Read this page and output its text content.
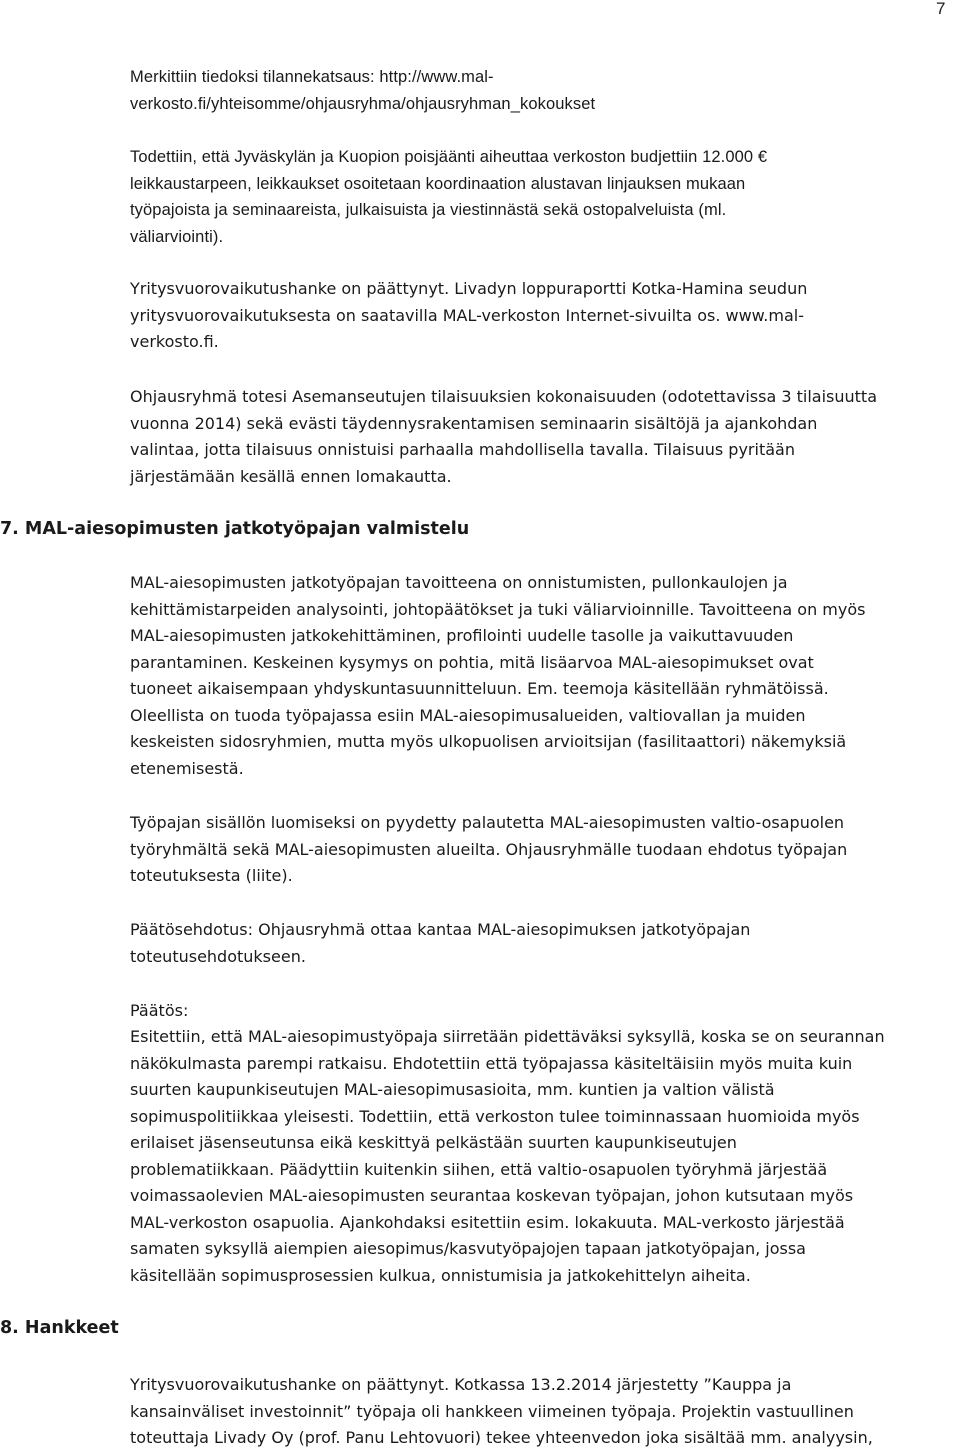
7
Merkittiin tiedoksi tilannekatsaus: http://www.mal-
verkosto.fi/yhteisomme/ohjausryhma/ohjausryhman_kokoukset
Todettiin, että Jyväskylän ja Kuopion poisjäänti aiheuttaa verkoston budjettiin 12.000 €
leikkaustarpeen, leikkaukset osoitetaan koordinaation alustavan linjauksen mukaan
työpajoista ja seminaareista, julkaisuista ja viestinnästä sekä ostopalveluista (ml.
väliarviointi).
Yritysvuorovaikutushanke on päättynyt. Livadyn loppuraportti Kotka-Hamina seudun
yritysvuorovaikutuksesta on saatavilla MAL-verkoston Internet-sivuilta os. www.mal-
verkosto.fi.
Ohjausryhmä totesi Asemanseutujen tilaisuuksien kokonaisuuden (odotettavissa 3 tilaisuutta
vuonna 2014) sekä evästi täydennysrakentamisen seminaarin sisältöjä ja ajankohdan
valintaa, jotta tilaisuus onnistuisi parhaalla mahdollisella tavalla. Tilaisuus pyritään
järjestämään kesällä ennen lomakautta.
7. MAL-aiesopimusten jatkotyöpajan valmistelu
MAL-aiesopimusten jatkotyöpajan tavoitteena on onnistumisten, pullonkaulojen ja
kehittämistarpeiden analysointi, johtopäätökset ja tuki väliarvioinnille. Tavoitteena on myös
MAL-aiesopimusten jatkokehittäminen, profilointi uudelle tasolle ja vaikuttavuuden
parantaminen. Keskeinen kysymys on pohtia, mitä lisäarvoa MAL-aiesopimukset ovat
tuoneet aikaisempaan yhdyskuntasuunnitteluun. Em. teemoja käsitellään ryhmätöissä.
Oleellista on tuoda työpajassa esiin MAL-aiesopimusalueiden, valtiovallan ja muiden
keskeisten sidosryhmien, mutta myös ulkopuolisen arvioitsijan (fasilitaattori) näkemyksiä
etenemisestä.
Työpajan sisällön luomiseksi on pyydetty palautetta MAL-aiesopimusten valtio-osapuolen
työryhmältä sekä MAL-aiesopimusten alueilta. Ohjausryhmälle tuodaan ehdotus työpajan
toteutuksesta (liite).
Päätösehdotus: Ohjausryhmä ottaa kantaa MAL-aiesopimuksen jatkotyöpajan
toteutusehdotukseen.
Päätös:
Esitettiin, että MAL-aiesopimustyöpaja siirretään pidettäväksi syksyllä, koska se on seurannan
näkökulmasta parempi ratkaisu. Ehdotettiin että työpajassa käsiteltäisiin myös muita kuin
suurten kaupunkiseutujen MAL-aiesopimusasioita, mm. kuntien ja valtion välistä
sopimuspolitiikkaa yleisesti. Todettiin, että verkoston tulee toiminnassaan huomioida myös
erilaiset jäsenseutunsa eikä keskittyä pelkästään suurten kaupunkiseutujen
problematiikkaan. Päädyttiin kuitenkin siihen, että valtio-osapuolen työryhmä järjestää
voimassaolevien MAL-aiesopimusten seurantaa koskevan työpajan, johon kutsutaan myös
MAL-verkoston osapuolia. Ajankohdaksi esitettiin esim. lokakuuta. MAL-verkosto järjestää
samaten syksyllä aiempien aiesopimus/kasvutyöpajojen tapaan jatkotyöpajan, jossa
käsitellään sopimusprosessien kulkua, onnistumisia ja jatkokehittelyn aiheita.
8. Hankkeet
Yritysvuorovaikutushanke on päättynyt. Kotkassa 13.2.2014 järjestetty ”Kauppa ja
kansainväliset investoinnit” työpaja oli hankkeen viimeinen työpaja. Projektin vastuullinen
toteuttaja Livady Oy (prof. Panu Lehtovuori) tekee yhteenvedon joka sisältää mm. analyysin,
